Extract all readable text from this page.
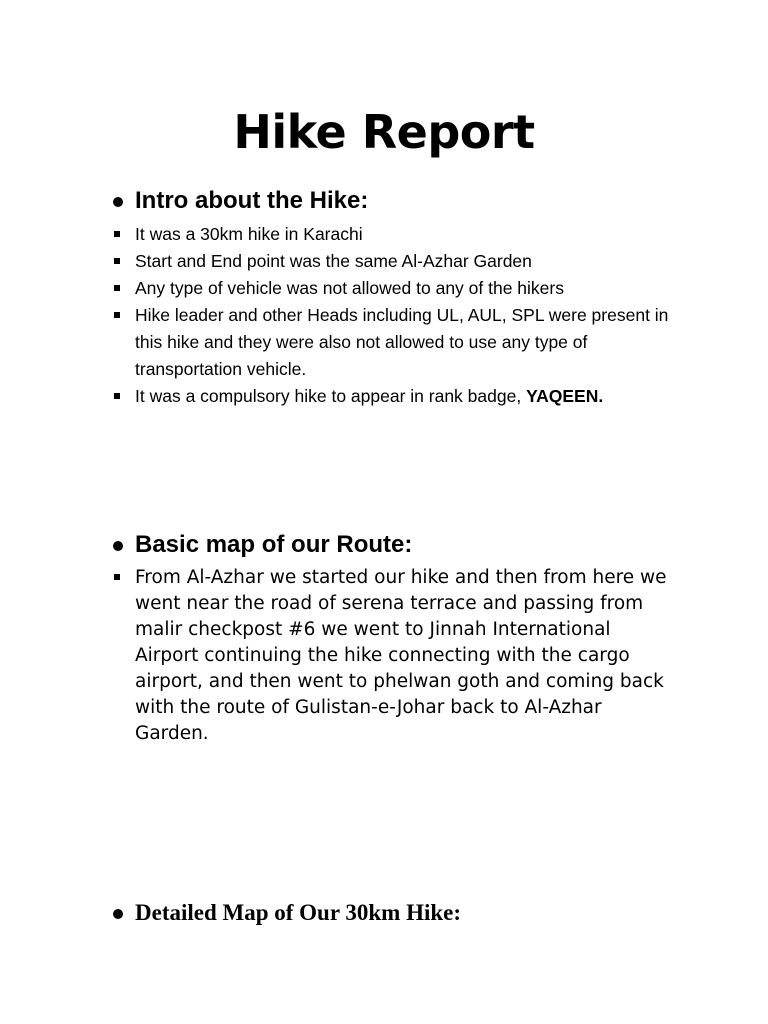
Hike Report
Intro about the Hike:
It was a 30km hike in Karachi
Start and End point was the same Al-Azhar Garden
Any type of vehicle was not allowed to any of the hikers
Hike leader and other Heads including UL, AUL, SPL were present in this hike and they were also not allowed to use any type of transportation vehicle.
It was a compulsory hike to appear in rank badge, YAQEEN.
Basic map of our Route:
From Al-Azhar we started our hike and then from here we went near the road of serena terrace and passing from malir checkpost #6 we went to Jinnah International Airport continuing the hike connecting with the cargo airport, and then went to phelwan goth and coming back with the route of Gulistan-e-Johar back to Al-Azhar Garden.
Detailed Map of Our 30km Hike:
